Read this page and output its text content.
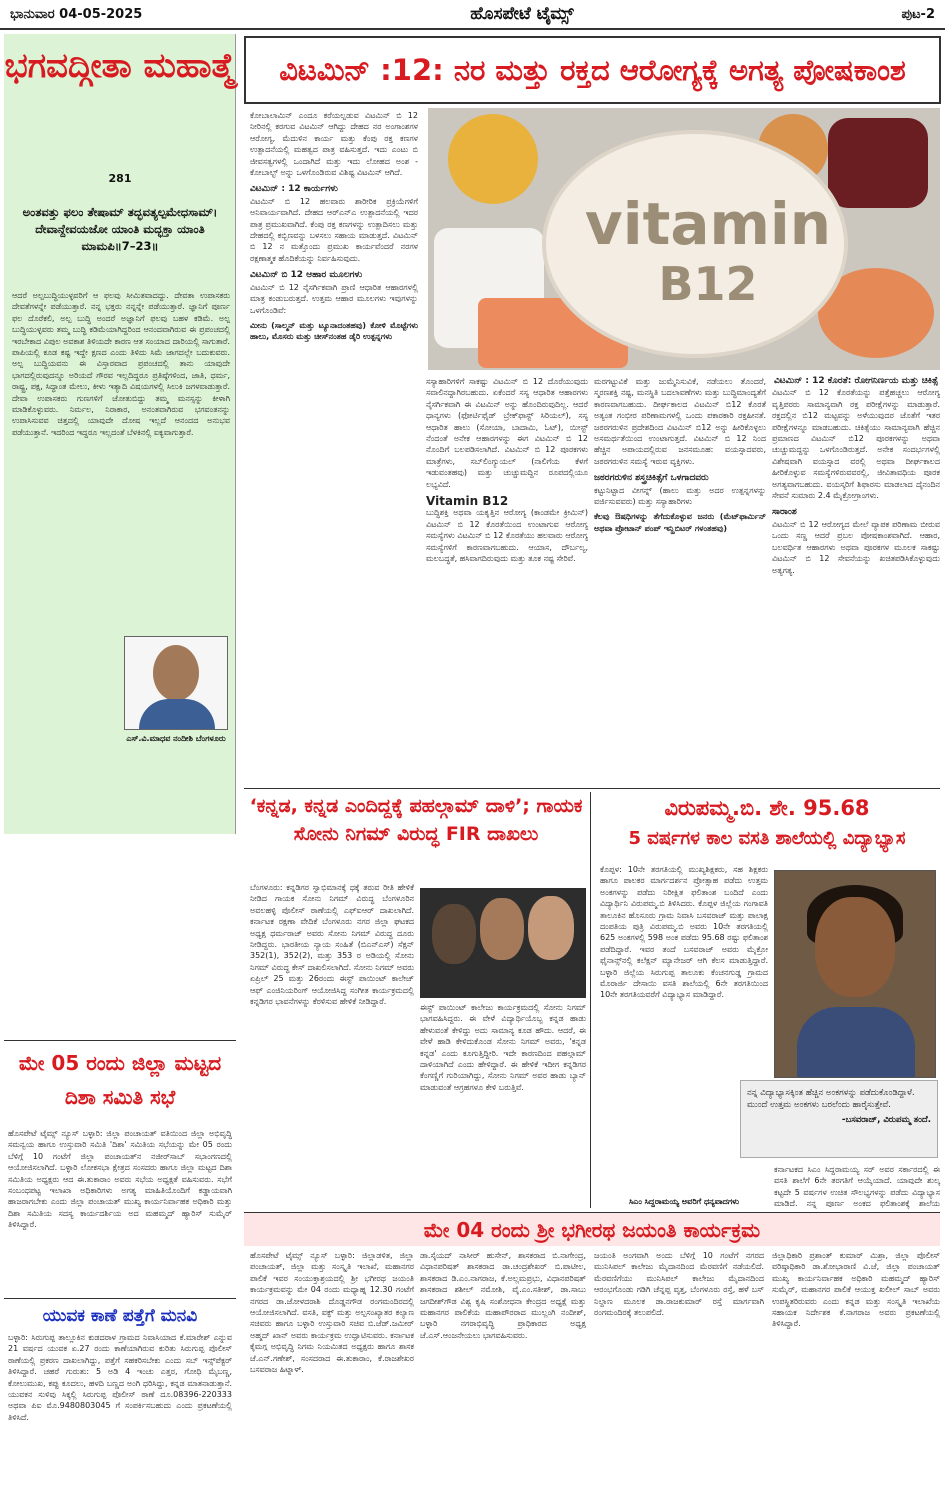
ಭಾನುವಾರ 04-05-2025	ಹೊಸಪೇಟೆ ಟೈಮ್ಸ್	ಪುಟ-2
ಭಗವದ್ಗೀತಾ ಮಹಾತ್ಮೆ
281
ಅಂತವತ್ತು ಫಲಂ ತೇಷಾಮ್ ತದ್ಭವತ್ಯಲ್ಪಮೇಧಸಾಮ್। ದೇವಾನ್ದೇವಯಜೋ ಯಾಂತಿ ಮದ್ಭಕ್ತಾ ಯಾಂತಿ ಮಾಮಪಿ॥7–23॥
ಆದರೆ ಅಲ್ಪಬುದ್ಧಿಯುಳ್ಳವರಿಗೆ ಆ ಫಲವು ಸೀಮಿತವಾದದ್ದು. ದೇವತಾ ಉಪಾಸಕರು ದೇವತೆಗಳನ್ನೇ ಪಡೆಯುತ್ತಾರೆ. ನನ್ನ ಭಕ್ತರು ನನ್ನನ್ನೇ ಪಡೆಯುತ್ತಾರೆ. ಜ್ಞಾನಿಗೆ ಪೂರ್ಣ ಫಲ ದೊರೆಕಲಿ, ಅಲ್ಪ ಬುದ್ಧಿ ಅಂದರೆ ಅಜ್ಞಾನಿಗೆ ಫಲವು ಬಹಳ ಕಡಿಮೆ. ಅಲ್ಪ ಬುದ್ಧಿಯುಳ್ಳವರು ತಮ್ಮ ಬುದ್ಧಿ ಕಡಿಮೆಯಾಗಿದ್ದರಿಂದ ಆನಂದವಾಗಿರುವ ಈ ಪ್ರಪಂಚದಲ್ಲಿ ಇರಬೇಕಾದ ವಿಪುಲ ಅವಕಾಶ ತಿಳಿಯದೇ ಕಾರಣ ಆತ ಸಂಯಾದ ದಾರಿಯಲ್ಲಿ ಸಾಗುತಾರೆ. ಪಾಪಿಯಲ್ಲಿ ಕೂಡ ಕಷ್ಟ ಇದ್ದೇ ಕ್ಷಣದ ಎಂದು ತಿಳಿದು ಸಿಮೆ ಜಾಗದಲ್ಲೇ ಬದುಕುವರು. ಅಲ್ಪ ಬುದ್ಧಿಯವನು ಈ ವಿಸ್ತಾರವಾದ ಪ್ರಪಂಚದಲ್ಲಿ ತಾನು ಯಾವುದೇ ಭಾಗದಲ್ಲಿರುವುದನ್ನೂ ಅರಿಯದೆ ಗೌರವ ಇಲ್ಲದಿದ್ದರೂ ಪ್ರತಿಷ್ಠೆಗಳಿಂದ, ಜಾತಿ, ಧರ್ಮ, ರಾಷ್ಟ್ರ, ಪಕ್ಷ, ಸಿದ್ಧಾಂತ ಮೇಲು, ಕೀಳು ಇತ್ಯಾದಿ ವಿಷಯಗಳಲ್ಲಿ ಸಿಲುಕಿ ಜಗಳವಾಡುತ್ತಾರೆ. ದೇವಾ ಉಪಾಸಕರು ಗುಣಗಳಿಗೆ ಜೋತುಬಿದ್ದು ತಮ್ಮ ಮನಸ್ಸನ್ನು ಕೀಳಾಗಿ ಮಾಡಿಕೊಳ್ಳುವರು. ನಿರ್ಮಲ, ನಿರಾಕಾರ, ಅನಂತವಾಗಿರುವ ಭಗವಂತನನ್ನು ಉಪಾಸಿಸುವವ ಚಿತ್ತದಲ್ಲಿ ಯಾವುದೇ ದೋಷ ಇಲ್ಲದೆ ಆನಂದದ ಅನುಭವ ಪಡೆಯುತ್ತಾನೆ. ಇದರಿಂದ ಇದ್ದರೂ ಇಲ್ಲದಂತೆ ಬೆಳಕಿನಲ್ಲಿ ಐಕ್ಯವಾಗುತ್ತಾರೆ.
ಎಸ್.ವಿ.ಮಾಧವ ನಂದೀಶಿ ಬೆಂಗಳೂರು
ವಿಟಮಿನ್ :12: ನರ ಮತ್ತು ರಕ್ತದ ಆರೋಗ್ಯಕ್ಕೆ ಅಗತ್ಯ ಪೋಷಕಾಂಶ

ಕೋಬಾಲಾಮಿನ್ ಎಂದೂ ಕರೆಯಲ್ಪಡುವ ವಿಟಮಿನ್ ಬಿ 12 ನೀರಿನಲ್ಲಿ ಕರಗುವ ವಿಟಮಿನ್ ಆಗಿದ್ದು ದೇಹದ ನರ ಅಂಗಾಂಶಗಳ ಆರೋಗ್ಯ, ಮೆದುಳಿನ ಕಾರ್ಯ ಮತ್ತು ಕೆಂಪು ರಕ್ತ ಕಣಗಳ ಉತ್ಪಾದನೆಯಲ್ಲಿ ಮಹತ್ವದ ಪಾತ್ರ ವಹಿಸುತ್ತದೆ. ಇದು ಎಂಟು ಬಿ ಜೀವಸತ್ವಗಳಲ್ಲಿ ಒಂದಾಗಿದೆ ಮತ್ತು ಇದು ಲೋಹದ ಅಂಶ - ಕೋಬಾಲ್ಟ್ ಅನ್ನು ಒಳಗೊಂಡಿರುವ ವಿಶಿಷ್ಟ ವಿಟಮಿನ್ ಆಗಿದೆ.

ವಿಟಮಿನ್ : 12 ಕಾರ್ಯಗಳು

ವಿಟಮಿನ್ ಬಿ 12 ಹಲವಾರು ಶಾರೀರಿಕ ಪ್ರಕ್ರಿಯೆಗಳಿಗೆ ಅನಿವಾರ್ಯವಾಗಿದೆ. ದೇಹದ ಆರ್‌ಎನ್‌ಎ ಉತ್ಪಾದನೆಯಲ್ಲಿ ಇದರ ಪಾತ್ರ ಪ್ರಮುಖವಾಗಿದೆ. ಕೆಂಪು ರಕ್ತ ಕಣಗಳನ್ನು ಉತ್ಪಾದಿಸಲು ಮತ್ತು ದೇಹದಲ್ಲಿ ಕಬ್ಬಿಣವನ್ನು ಬಳಸಲು ಸಹಾಯ ಮಾಡುತ್ತದೆ. ವಿಟಮಿನ್ ಬಿ 12 ನ ಮತ್ತೊಂದು ಪ್ರಮುಖ ಕಾರ್ಯವೆಂದರೆ ನರಗಳ ರಕ್ಷಣಾತ್ಮಕ ಹೊದಿಕೆಯನ್ನು ನಿರ್ವಹಿಸುವುದು.

ವಿಟಮಿನ್ ಬಿ 12 ಆಹಾರ ಮೂಲಗಳು

ವಿಟಮಿನ್ ಬಿ 12 ನೈಸರ್ಗಿಕವಾಗಿ ಪ್ರಾಣಿ ಆಧಾರಿತ ಆಹಾರಗಳಲ್ಲಿ ಮಾತ್ರ ಕಂಡುಬರುತ್ತದೆ. ಉತ್ತಮ ಆಹಾರ ಮೂಲಗಳು ಇವುಗಳನ್ನು ಒಳಗೊಂಡಿವೆ:

ಮೀನು (ಸಾಲ್ಮನ್ ಮತ್ತು ಟ್ಯೂನಾದಂತಹವು) ಕೋಳಿ ಮೊಟ್ಟೆಗಳು ಹಾಲು, ಮೊಸರು ಮತ್ತು ಚೀಸ್‌ನಂತಹ ಡೈರಿ ಉತ್ಪನ್ನಗಳು

vitamin
B12

ಸಸ್ಯಾಹಾರಿಗಳಿಗೆ ಸಾಕಷ್ಟು ವಿಟಮಿನ್ ಬಿ 12 ದೊರೆಯುವುದು ಸವಾಲಿನದ್ದಾಗಿರಬಹುದು. ಏಕೆಂದರೆ ಸಸ್ಯ ಆಧಾರಿತ ಆಹಾರಗಳು ನೈಸರ್ಗಿಕವಾಗಿ ಈ ವಿಟಮಿನ್ ಅನ್ನು ಹೊಂದಿರುವುದಿಲ್ಲ. ಆದರೆ ಧಾನ್ಯಗಳು (ಫೋರ್ಟಿಫೈಡ್ ಬ್ರೇಕ್‌ಫಾಸ್ಟ್ ಸಿರಿಯಲ್), ಸಸ್ಯ ಆಧಾರಿತ ಹಾಲು (ಸೋಯಾ, ಬಾದಾಮಿ, ಓಟ್), ಯೀಸ್ಟ್ ನೆಂದಂತೆ ಅನೇಕ ಆಹಾರಗಳನ್ನು ಈಗ ವಿಟಮಿನ್ ಬಿ 12 ನೊಂದಿಗೆ ಬಲಪಡಿಸಲಾಗಿದೆ. ವಿಟಮಿನ್ ಬಿ 12 ಪೂರಕಗಳು ಮಾತ್ರೆಗಳು, ಸಬ್‌ಲಿಂಗ್ಯುಯಲ್ (ನಾಲಿಗೆಯ ಕೆಳಗೆ ಇಡುವಂತಹವು) ಮತ್ತು ಚುಚ್ಚುಮದ್ದಿನ ರೂಪದಲ್ಲಿಯೂ ಲಭ್ಯವಿದೆ.

Vitamin B12

ಬುದ್ಧಿಶಕ್ತಿ ಅಥವಾ ಯಕೃತ್ತಿನ ಆರೋಗ್ಯ (ಕಾಂಡಮೇ ಕ್ರೀಮಿನ್) ವಿಟಮಿನ್ ಬಿ 12 ಕೊರತೆಯಿಂದ ಉಂಟಾಗುವ ಆರೋಗ್ಯ ಸಮಸ್ಯೆಗಳು ವಿಟಮಿನ್ ಬಿ 12 ಕೊರತೆಯು ಹಲವಾರು ಆರೋಗ್ಯ ಸಮಸ್ಯೆಗಳಿಗೆ ಕಾರಣವಾಗಬಹುದು. ಆಯಾಸ, ದೌರ್ಬಲ್ಯ, ಮಲಬದ್ಧತೆ, ಹಸಿವಾಗದಿರುವುದು ಮತ್ತು ತೂಕ ನಷ್ಟ ಸೇರಿವೆ.

ಮರಗಟ್ಟುವಿಕೆ ಮತ್ತು ಜುಮ್ಮೆನಿಸುವಿಕೆ, ನಡೆಯಲು ತೊಂದರೆ, ಸ್ಮರಣಶಕ್ತಿ ನಷ್ಟ, ಮನಸ್ಥಿತಿ ಬದಲಾವಣೆಗಳು ಮತ್ತು ಬುದ್ಧಿಮಾಂದ್ಯತೆಗೆ ಕಾರಣವಾಗಬಹುದು. ದೀರ್ಘಕಾಲದ ವಿಟಮಿನ್ ಬಿ12 ಕೊರತೆ ಅತ್ಯಂತ ಗಂಭೀರ ಪರಿಣಾಮಗಳಲ್ಲಿ ಒಂದು ಪಕಾರಕಾರಿ ರಕ್ತಹೀನತೆ. ಜಠರಗರುಳಿನ ಪ್ರದೇಶದಿಂದ ವಿಟಮಿನ್ ಬಿ12 ಅನ್ನು ಹೀರಿಕೊಳ್ಳಲು ಅಸಮರ್ಥತೆಯಿಂದ ಉಂಟಾಗುತ್ತದೆ. ವಿಟಮಿನ್ ಬಿ 12 ನಿಂದ ಹೆಚ್ಚಿನ ಅಪಾಯದಲ್ಲಿರುವ ಜನಸಮೂಹ: ವಯಸ್ಸಾದವರು, ಜಠರಗರುಳಿನ ಸಮಸ್ಯೆ ಇರುವ ವ್ಯಕ್ತಿಗಳು.

ಜಠರಗರುಳಿನ ಶಸ್ತ್ರಚಿಕಿತ್ಸೆಗೆ ಒಳಗಾದವರು

ಕಟ್ಟುನಿಟ್ಟಾದ ವೀಗನ್ನ್ (ಹಾಲು ಮತ್ತು ಅದರ ಉತ್ಪನ್ನಗಳನ್ನು ವರ್ಜಿಸುವವರು) ಮತ್ತು ಸಸ್ಯಾಹಾರಿಗಳು

ಕೆಲವು ಔಷಧಿಗಳನ್ನು ತೆಗೆದುಕೊಳ್ಳುವ ಜನರು (ಮೆಟ್‌ಫಾರ್ಮಿನ್ ಅಥವಾ ಪ್ರೋಟಾನ್ ಪಂಪ್ ಇನ್ಹಿಬಿಟರ್ ಗಳಂತಹವು)

ವಿಟಮಿನ್ : 12 ಕೊರತೆ: ರೋಗನಿರ್ಣಯ ಮತ್ತು ಚಿಕಿತ್ಸೆ

ವಿಟಮಿನ್ ಬಿ 12 ಕೊರತೆಯನ್ನು ಪತ್ತೆಹಚ್ಚಲು ಆರೋಗ್ಯ ವೃತ್ತಿಪರರು ಸಾಮಾನ್ಯವಾಗಿ ರಕ್ತ ಪರೀಕ್ಷೆಗಳನ್ನು ಮಾಡುತ್ತಾರೆ. ರಕ್ತದಲ್ಲಿನ ಬಿ12 ಮಟ್ಟವನ್ನು ಅಳೆಯುವುದರ ಜೊತೆಗೆ ಇತರ ಪರೀಕ್ಷೆಗಳನ್ನೂ ಮಾಡಬಹುದು. ಚಿಕಿತ್ಸೆಯು ಸಾಮಾನ್ಯವಾಗಿ ಹೆಚ್ಚಿನ ಪ್ರಮಾಣದ ವಿಟಮಿನ್ ಬಿ12 ಪೂರಕಗಳನ್ನು ಅಥವಾ ಚುಚ್ಚುಮದ್ದನ್ನು ಒಳಗೊಂಡಿರುತ್ತದೆ. ಅನೇಕ ಸಂದರ್ಭಗಳಲ್ಲಿ ವಿಶೇಷವಾಗಿ ವಯಸ್ಸಾದ ವರಲ್ಲಿ ಅಥವಾ ದೀರ್ಘಕಾಲದ ಹೀರಿಕೊಳ್ಳುವ ಸಮಸ್ಯೆಗಳಿರುವವರಲ್ಲಿ, ಜೀವಿತಾವಧಿಯ ಪೂರಕ ಅಗತ್ಯವಾಗಬಹುದು. ವಯಸ್ಕರಿಗೆ ಶಿಫಾರಸು ಮಾಡಲಾದ ದೈನಂದಿನ ಸೇವನೆ ಸುಮಾರು 2.4 ಮೈಕ್ರೋಗ್ರಾಂಗಳು.

ಸಾರಾಂಶ

ವಿಟಮಿನ್ ಬಿ 12 ಆರೋಗ್ಯದ ಮೇಲೆ ವ್ಯಾಪಕ ಪರಿಣಾಮ ಬೀರುವ ಒಂದು ಸಣ್ಣ ಆದರೆ ಪ್ರಬಲ ಪೋಷಕಾಂಶವಾಗಿದೆ. ಆಹಾರ, ಬಲವರ್ಧಿತ ಆಹಾರಗಳು ಅಥವಾ ಪೂರಕಗಳ ಮೂಲಕ ಸಾಕಷ್ಟು ವಿಟಮಿನ್ ಬಿ 12 ಸೇವನೆಯನ್ನು ಖಚಿತಪಡಿಸಿಕೊಳ್ಳುವುದು ಅತ್ಯಗತ್ಯ.

‘ಕನ್ನಡ, ಕನ್ನಡ ಎಂದಿದ್ದಕ್ಕೆ ಪಹಲ್ಗಾಮ್ ದಾಳಿ’; ಗಾಯಕ ಸೋನು ನಿಗಮ್ ವಿರುದ್ಧ FIR ದಾಖಲು
ಬೆಂಗಳೂರು: ಕನ್ನಡಿಗರ ಸ್ವಾಭಿಮಾನಕ್ಕೆ ಧಕ್ಕೆ ತರುವ ರೀತಿ ಹೇಳಿಕೆ ನೀಡಿದ ಗಾಯಕ ಸೋನು ನಿಗಮ್ ವಿರುದ್ಧ ಬೆಂಗಳೂರಿನ ಅವಲಹಳ್ಳಿ ಪೊಲೀಸ್ ಠಾಣೆಯಲ್ಲಿ ಎಫ್‌ಐಆರ್ ದಾಖಲಾಗಿದೆ. ಕರ್ನಾಟಕ ರಕ್ಷಣಾ ವೇದಿಕೆ ಬೆಂಗಳೂರು ನಗರ ಜಿಲ್ಲಾ ಘಟಕದ ಅಧ್ಯಕ್ಷ ಧರ್ಮರಾಜ್ ಅವರು ಸೋನು ನಿಗಮ್ ವಿರುದ್ಧ ದೂರು ನೀಡಿದ್ದರು. ಭಾರತೀಯ ನ್ಯಾಯ ಸಂಹಿತೆ (ಬಿಎನ್‌ಎಸ್) ಸೆಕ್ಷನ್ 352(1), 352(2), ಮತ್ತು 353 ರ ಅಡಿಯಲ್ಲಿ ಸೋನು ನಿಗಮ್ ವಿರುದ್ಧ ಕೇಸ್ ದಾಖಲಿಸಲಾಗಿದೆ. ಸೋನು ನಿಗಮ್ ಅವರು ಏಪ್ರಿಲ್ 25 ಮತ್ತು 26ರಂದು ಈಸ್ಟ್ ಪಾಯಿಂಟ್ ಕಾಲೇಜ್ ಆಫ್ ಎಂಜಿನಿಯರಿಂಗ್ ಆಯೋಜಿಸಿದ್ದ ಸಂಗೀತ ಕಾರ್ಯಕ್ರಮದಲ್ಲಿ ಕನ್ನಡಿಗರ ಭಾವನೆಗಳನ್ನು ಕೆರಳಿಸುವ ಹೇಳಿಕೆ ನೀಡಿದ್ದಾರೆ.
ಈಸ್ಟ್ ಪಾಯಿಂಟ್ ಕಾಲೇಜು ಕಾರ್ಯಕ್ರಮದಲ್ಲಿ ಸೋನು ನಿಗಮ್ ಭಾಗವಹಿಸಿದ್ದರು. ಈ ವೇಳೆ ವಿದ್ಯಾರ್ಥಿಯೊಬ್ಬ ಕನ್ನಡ ಹಾಡು ಹೇಳುವಂತೆ ಕೇಳಿದ್ದು ಅದು ಸಾಮಾನ್ಯ ಕೂಡ ಹೌದು. ಆದರೆ, ಈ ವೇಳೆ ಹಾಡಿ ಕೇಳಿದುಕೊಂಡ ಸೋನು ನಿಗಮ್ ಅವರು, 'ಕನ್ನಡ ಕನ್ನಡ' ಎಂದು ಕೂಗುತ್ತಿದ್ದೀರಿ. ಇದೇ ಕಾರಣದಿಂದ ಪಹಲ್ಗಾಮ್ ದಾಳಿಯಾಗಿದೆ ಎಂದು ಹೇಳಿದ್ದಾರೆ. ಈ ಹೇಳಿಕೆ ಇದೀಗ ಕನ್ನಡಿಗರ ಕೆಂಗಣ್ಣಿಗೆ ಗುರಿಯಾಗಿದ್ದು, ಸೋನು ನಿಗಮ್ ಅವರ ಹಾಡು ಬ್ಯಾನ್ ಮಾಡುವಂತೆ ಆಗ್ರಹಗಳೂ ಕೇಳಿ ಬರುತ್ತಿವೆ.
ವಿರುಪಮ್ಮ.ಬಿ. ಶೇ. 95.68
5 ವರ್ಷಗಳ ಕಾಲ ವಸತಿ ಶಾಲೆಯಲ್ಲಿ ವಿದ್ಯಾಭ್ಯಾಸ
ಕೊಪ್ಪಳ: 10ನೇ ತರಗತಿಯಲ್ಲಿ ಮುಖ್ಯಶಿಕ್ಷಕರು, ಸಹ ಶಿಕ್ಷಕರು ಹಾಗೂ ಪಾಲಕರ ಮಾರ್ಗದರ್ಶನ ಪ್ರೋತ್ಸಾಹ ಪಡೆದು ಉತ್ತಮ ಅಂಕಗಳನ್ನು ಪಡೆದು ನಿರೀಕ್ಷಿತ ಫಲಿತಾಂಶ ಬಂದಿದೆ ಎಂದು ವಿದ್ಯಾರ್ಥಿನಿ ವಿರುಪಮ್ಮ.ಬಿ ತಿಳಿಸಿದರು. ಕೊಪ್ಪಳ ಜಿಲ್ಲೆಯ ಗಂಗಾವತಿ ತಾಲೂಕಿನ ಹೊಸೂರು ಗ್ರಾಮ ನಿವಾಸಿ ಬಸವರಾಜ್ ಮತ್ತು ಪಾಲಾಕ್ಷ ದಂಪತಿಯ ಪುತ್ರಿ ವಿರುಪಮ್ಮ.ಬಿ ಅವರು 10ನೇ ತರಗತಿಯಲ್ಲಿ 625 ಅಂಕಗಳಲ್ಲಿ 598 ಅಂಕ ಪಡೆದು 95.68 ರಷ್ಟು ಫಲಿತಾಂಶ ಪಡೆದಿದ್ದಾರೆ. ಇವರ ತಂದೆ ಬಸವರಾಜ್ ಅವರು ಮೈಕ್ರೋ ಫೈನಾನ್ಸ್‌ನಲ್ಲಿ ಕಲೆಕ್ಷನ್ ಮ್ಯಾನೇಜರ್ ಆಗಿ ಕೆಲಸ ಮಾಡುತ್ತಿದ್ದಾರೆ. ಬಳ್ಳಾರಿ ಜಿಲ್ಲೆಯ ಸಿರುಗುಪ್ಪ ತಾಲೂಕು ಕೆಂಚನಗುಡ್ಡ ಗ್ರಾಮದ ಮೊರಾರ್ಜಿ ದೇಸಾಯಿ ವಸತಿ ಶಾಲೆಯಲ್ಲಿ 6ನೇ ತರಗತಿಯಿಂದ 10ನೇ ತರಗತಿಯವರೆಗೆ ವಿದ್ಯಾಭ್ಯಾಸ ಮಾಡಿದ್ದಾರೆ.

ನನ್ನ ವಿದ್ಯಾಭ್ಯಾಸಕ್ಕಿಂತ ಹೆಚ್ಚಿನ ಅಂಕಗಳನ್ನು ಪಡೆದುಕೊಂಡಿದ್ದಾಳೆ. ಮುಂದೆ ಉತ್ತಮ ಅಂಕಗಳು ಬರಲೆಂದು ಹಾರೈಸುತ್ತೇವೆ.

-ಬಸವರಾಜ್, ವಿರುಪಮ್ಮ ತಂದೆ.

ಕರ್ನಾಟಕದ ಸಿಎಂ ಸಿದ್ದರಾಮಯ್ಯ ಸರ್ ಅವರ ಸರ್ಕಾರದಲ್ಲಿ ಈ ವಸತಿ ಶಾಲೆಗೆ 6ನೇ ತರಗತಿಗೆ ಆಯ್ಕೆಯಾದೆ. ಯಾವುದೇ ಶುಲ್ಕ ಕಟ್ಟದೇ 5 ವರ್ಷಗಳ ಉಚಿತ ಸೌಲಭ್ಯಗಳನ್ನು ಪಡೆದು ವಿದ್ಯಾಭ್ಯಾಸ ಮಾಡಿದೆ. ನನ್ನ ಪೂರ್ಣ ಅಂಕದ ಫಲಿತಾಂಶಕ್ಕೆ ಶಾಲೆಯ
ಸಿಎಂ ಸಿದ್ದರಾಮಯ್ಯ ಅವರಿಗೆ ಧನ್ಯವಾದಗಳು
ಮೇ 05 ರಂದು ಜಿಲ್ಲಾ ಮಟ್ಟದ ದಿಶಾ ಸಮಿತಿ ಸಭೆ
ಹೊಸಪೇಟೆ ಟೈಮ್ಸ್ ನ್ಯೂಸ್ ಬಳ್ಳಾರಿ: ಜಿಲ್ಲಾ ಪಂಚಾಯತ್ ವತಿಯಿಂದ ಜಿಲ್ಲಾ ಅಭಿವೃದ್ಧಿ ಸಮನ್ವಯ ಹಾಗೂ ಉಸ್ತುವಾರಿ ಸಮಿತಿ 'ದಿಶಾ' ಸಮಿತಿಯ ಸಭೆಯನ್ನು ಮೇ 05 ರಂದು ಬೆಳಿಗ್ಗೆ 10 ಗಂಟೆಗೆ ಜಿಲ್ಲಾ ಪಂಚಾಯತ್‌ನ ನಜೀರ್‌ಸಾಬ್ ಸಭಾಂಗಣದಲ್ಲಿ ಆಯೋಜಿಸಲಾಗಿದೆ. ಬಳ್ಳಾರಿ ಲೋಕಸಭಾ ಕ್ಷೇತ್ರದ ಸಂಸದರು ಹಾಗೂ ಜಿಲ್ಲಾ ಮಟ್ಟದ ದಿಶಾ ಸಮಿತಿಯ ಅಧ್ಯಕ್ಷರು ಆದ ಈ.ತುಕಾರಾಂ ಅವರು ಸಭೆಯ ಅಧ್ಯಕ್ಷತೆ ವಹಿಸುವರು. ಸಭೆಗೆ ಸಂಬಂಧಪಟ್ಟ ಇಲಾಖಾ ಅಧಿಕಾರಿಗಳು ಅಗತ್ಯ ಮಾಹಿತಿಯೊಂದಿಗೆ ಕಡ್ಡಾಯವಾಗಿ ಹಾಜರಾಗಬೇಕು ಎಂದು ಜಿಲ್ಲಾ ಪಂಚಾಯತ್ ಮುಖ್ಯ ಕಾರ್ಯನಿರ್ವಾಹಕ ಅಧಿಕಾರಿ ಮತ್ತು ದಿಶಾ ಸಮಿತಿಯ ಸದಸ್ಯ ಕಾರ್ಯದರ್ಶಿಯ ಅದ ಮಹಮ್ಮದ್ ಹ್ಯಾರಿಸ್ ಸುಮೈರ್ ತಿಳಿಸಿದ್ದಾರೆ.
ಯುವಕ ಕಾಣೆ ಪತ್ತೆಗೆ ಮನವಿ
ಬಳ್ಳಾರಿ: ಸಿರುಗುಪ್ಪ ತಾಲ್ಲೂಕಿನ ಕುಡದರಾಳ ಗ್ರಾಮದ ನಿವಾಸಿಯಾದ ಕೆ.ಮಾರೇಶ್ ಎನ್ನುವ 21 ವರ್ಷದ ಯುವಕ ಏ.27 ರಂದು ಕಾಣೆಯಾಗಿರುವ ಕುರಿತು ಸಿರುಗುಪ್ಪ ಪೊಲೀಸ್ ಠಾಣೆಯಲ್ಲಿ ಪ್ರಕರಣ ದಾಖಲಾಗಿದ್ದು, ಪತ್ತೆಗೆ ಸಹಕರಿಸಬೇಕು ಎಂದು ಸಬ್ ಇನ್ಸ್‌ಪೆಕ್ಟರ್ ತಿಳಿಸಿದ್ದಾರೆ. ಚಹರೆ ಗುರುತು: 5 ಅಡಿ 4 ಇಂಚು ಎತ್ತರ, ಗೋಧಿ ಮೈಬಣ್ಣ, ಕೋಲುಮುಖ, ಕಪ್ಪು ಕೂದಲು, ಹಳದಿ ಬಣ್ಣದ ಅಂಗಿ ಧರಿಸಿದ್ದು, ಕನ್ನಡ ಮಾತನಾಡುತ್ತಾನೆ. ಯುವಕನ ಸುಳಿವು ಸಿಕ್ಕಲ್ಲಿ ಸಿರುಗುಪ್ಪ ಪೊಲೀಸ್ ಠಾಣೆ ದೂ.08396-220333 ಅಥವಾ ಪಿಐ ಮೊ.9480803045 ಗೆ ಸಂಪರ್ಕಿಸಬಹುದು ಎಂದು ಪ್ರಕಟಣೆಯಲ್ಲಿ ತಿಳಿಸಿದೆ.
ಮೇ 04 ರಂದು ಶ್ರೀ ಭಗೀರಥ ಜಯಂತಿ ಕಾರ್ಯಕ್ರಮ
ಹೊಸಪೇಟೆ ಟೈಮ್ಸ್ ನ್ಯೂಸ್ ಬಳ್ಳಾರಿ: ಜಿಲ್ಲಾಡಳಿತ, ಜಿಲ್ಲಾ ಪಂಚಾಯತ್, ಜಿಲ್ಲಾ ಮತ್ತು ಸಂಸ್ಕೃತಿ ಇಲಾಖೆ, ಮಹಾನಗರ ಪಾಲಿಕೆ ಇವರ ಸಂಯುಕ್ತಾಶ್ರಯದಲ್ಲಿ ಶ್ರೀ ಭಗೀರಥ ಜಯಂತಿ ಕಾರ್ಯಕ್ರಮವನ್ನು ಮೇ 04 ರಂದು ಮಧ್ಯಾಹ್ನ 12.30 ಗಂಟೆಗೆ ನಗರದ ಡಾ.ಜೋಳದರಾಶಿ ದೊಡ್ಡನಗೌಡ ರಂಗಮಂದಿರದಲ್ಲಿ ಆಯೋಜಿಸಲಾಗಿದೆ. ವಸತಿ, ವಕ್ಫ್ ಮತ್ತು ಅಲ್ಪಸಂಖ್ಯಾತರ ಕಲ್ಯಾಣ ಸಚಿವರು ಹಾಗೂ ಬಳ್ಳಾರಿ ಉಸ್ತುವಾರಿ ಸಚಿವ ಬಿ.ಜೆಡ್.ಜಮೀರ್ ಅಹ್ಮದ್ ಖಾನ್ ಅವರು ಕಾರ್ಯಕ್ರಮ ಉದ್ಘಾಟಿಸುವರು. ಕರ್ನಾಟಕ ಕೈಮಗ್ಗ ಅಭಿವೃದ್ಧಿ ನಿಗಮ ನಿಯಮಿತದ ಅಧ್ಯಕ್ಷರು ಹಾಗೂ ಶಾಸಕ ಜೆ.ಎನ್.ಗಣೇಶ್, ಸಂಸದರಾದ ಈ.ತುಕಾರಾಂ, ಕೆ.ರಾಜಶೇಖರ ಬಸವರಾಜ ಹಿಟ್ನಾಳ್.
ಡಾ.ಸೈಯದ್ ನಾಸೀರ್ ಹುಸೇನ್, ಶಾಸಕರಾದ ಬಿ.ನಾಗೇಂದ್ರ, ವಿಧಾನಪರಿಷತ್ ಶಾಸಕರಾದ ಡಾ.ಚಂದ್ರಶೇಖರ್ ಬಿ.ಪಾಟೀಲ, ಶಾಸಕರಾದ ಡಿ.ಎಂ.ನಾಗರಾಜ, ಕೆ.ಅಲ್ಲಮಪ್ರಭು, ವಿಧಾನಪರಿಷತ್ ಶಾಸಕರಾದ ಶಶೀಲ್ ನಮೋಶಿ, ವೈ.ಎಂ.ಸತೀಶ್, ಡಾ.ಸಾಬು ಜಗದೀಶ್‌ಗೌಡ ವಿಶ್ವ ಕೃಷಿ ಸಂಶೋಧನಾ ಕೇಂದ್ರದ ಅಧ್ಯಕ್ಷೆ ಮತ್ತು ಮಹಾನಗರ ಪಾಲಿಕೆಯ ಮಹಾಪೌರರಾದ ಮುಲ್ಲಂಗಿ ನಂದೀಶ್, ಬಳ್ಳಾರಿ ನಗರಾಭಿವೃದ್ಧಿ ಪ್ರಾಧಿಕಾರದ ಅಧ್ಯಕ್ಷ ಜೆ.ಎಸ್.ಆಂಜನೇಯಲು ಭಾಗವಹಿಸುವರು.
ಜಯಂತಿ ಅಂಗವಾಗಿ ಅಂದು ಬೆಳಿಗ್ಗೆ 10 ಗಂಟೆಗೆ ನಗರದ ಮುನಿಸಿಪಲ್ ಕಾಲೇಜು ಮೈದಾನದಿಂದ ಮೆರವಣಿಗೆ ನಡೆಯಲಿದೆ. ಮೆರವಣಿಗೆಯು ಮುನಿಸಿಪಲ್ ಕಾಲೇಜು ಮೈದಾನದಿಂದ ಆರಂಭಗೊಂಡು ಗಡಿಗಿ ಚೆನ್ನಪ್ಪ ವೃತ್ತ, ಬೆಂಗಳೂರು ರಸ್ತೆ, ಹಳೆ ಬಸ್ ನಿಲ್ದಾಣ ಮೂಲಕ ಡಾ.ರಾಜಕುಮಾರ್ ರಸ್ತೆ ಮಾರ್ಗವಾಗಿ ರಂಗಮಂದಿರಕ್ಕೆ ತಲುಪಲಿದೆ.
ಜಿಲ್ಲಾಧಿಕಾರಿ ಪ್ರಶಾಂತ್ ಕುಮಾರ್ ಮಿಶ್ರಾ, ಜಿಲ್ಲಾ ಪೊಲೀಸ್ ವರಿಷ್ಠಾಧಿಕಾರಿ ಡಾ.ಶೋಭಾರಾಣಿ ವಿ.ಜೆ, ಜಿಲ್ಲಾ ಪಂಚಾಯತ್ ಮುಖ್ಯ ಕಾರ್ಯನಿರ್ವಾಹಕ ಅಧಿಕಾರಿ ಮಹಮ್ಮದ್ ಹ್ಯಾರಿಸ್ ಸುಮೈರ್, ಮಹಾನಗರ ಪಾಲಿಕೆ ಆಯುಕ್ತ ಖಲೀಲ್ ಸಾಬ್ ಅವರು ಉಪಸ್ಥಿತರಿರುವರು ಎಂದು ಕನ್ನಡ ಮತ್ತು ಸಂಸ್ಕೃತಿ ಇಲಾಖೆಯ ಸಹಾಯಕ ನಿರ್ದೇಶಕ ಕೆ.ನಾಗರಾಜ ಅವರು ಪ್ರಕಟಣೆಯಲ್ಲಿ ತಿಳಿಸಿದ್ದಾರೆ.
